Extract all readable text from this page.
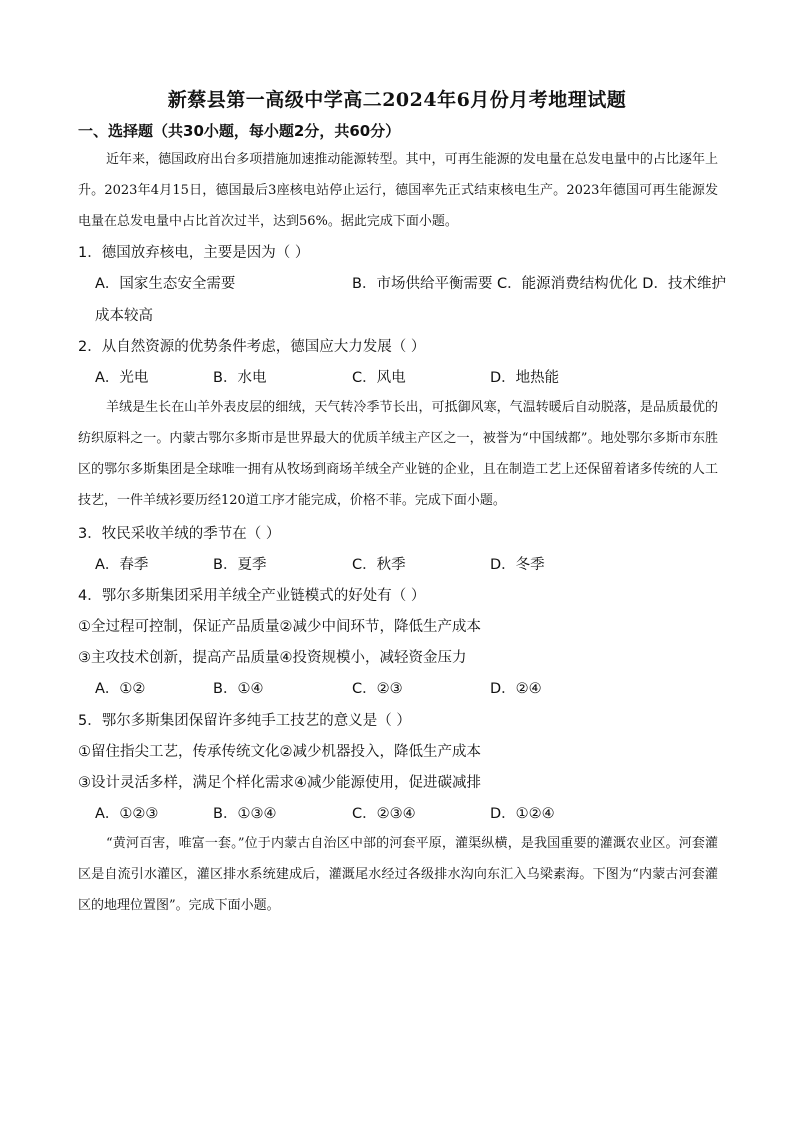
新蔡县第一高级中学高二2024年6月份月考地理试题
一、选择题（共30小题，每小题2分，共60分）
近年来，德国政府出台多项措施加速推动能源转型。其中，可再生能源的发电量在总发电量中的占比逐年上升。2023年4月15日，德国最后3座核电站停止运行，德国率先正式结束核电生产。2023年德国可再生能源发电量在总发电量中占比首次过半，达到56%。据此完成下面小题。
1．德国放弃核电，主要是因为（ ）
A．国家生态安全需要	B．市场供给平衡需要 C．能源消费结构优化 D．技术维护
成本较高
2．从自然资源的优势条件考虑，德国应大力发展（ ）
A．光电	B．水电	C．风电	D．地热能
羊绒是生长在山羊外表皮层的细绒，天气转冷季节长出，可抵御风寒，气温转暖后自动脱落，是品质最优的纺织原料之一。内蒙古鄂尔多斯市是世界最大的优质羊绒主产区之一，被誉为“中国绒都”。地处鄂尔多斯市东胜区的鄂尔多斯集团是全球唯一拥有从牧场到商场羊绒全产业链的企业，且在制造工艺上还保留着诸多传统的人工技艺，一件羊绒衫要历经120道工序才能完成，价格不菲。完成下面小题。
3．牧民采收羊绒的季节在（ ）
A．春季	B．夏季	C．秋季	D．冬季
4．鄂尔多斯集团采用羊绒全产业链模式的好处有（ ）
①全过程可控制，保证产品质量②减少中间环节，降低生产成本
③主攻技术创新，提高产品质量④投资规模小，减轻资金压力
A．①②	B．①④	C．②③	D．②④
5．鄂尔多斯集团保留许多纯手工技艺的意义是（ ）
①留住指尖工艺，传承传统文化②减少机器投入，降低生产成本
③设计灵活多样，满足个样化需求④减少能源使用，促进碳减排
A．①②③	B．①③④	C．②③④	D．①②④
“黄河百害，唯富一套。”位于内蒙古自治区中部的河套平原，灌渠纵横，是我国重要的灌溉农业区。河套灌区是自流引水灌区，灌区排水系统建成后，灌溉尾水经过各级排水沟向东汇入乌梁素海。下图为“内蒙古河套灌区的地理位置图”。完成下面小题。
